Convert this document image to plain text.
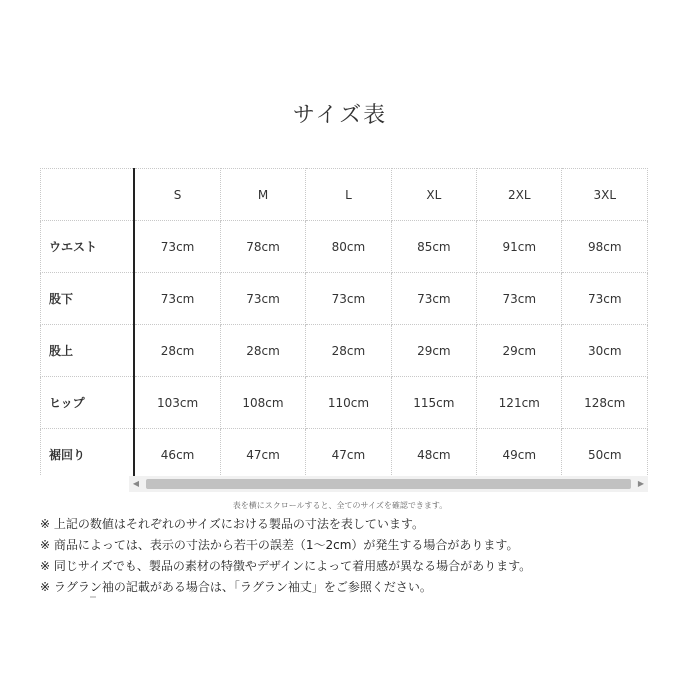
サイズ表
	S	M	L	XL	2XL	3XL
ウエスト	73cm	78cm	80cm	85cm	91cm	98cm
股下	73cm	73cm	73cm	73cm	73cm	73cm
股上	28cm	28cm	28cm	29cm	29cm	30cm
ヒップ	103cm	108cm	110cm	115cm	121cm	128cm
裾回り	46cm	47cm	47cm	48cm	49cm	50cm
◀	▶
表を横にスクロールすると、全てのサイズを確認できます。
※ 上記の数値はそれぞれのサイズにおける製品の寸法を表しています。
※ 商品によっては、表示の寸法から若干の誤差（1～2cm）が発生する場合があります。
※ 同じサイズでも、製品の素材の特徴やデザインによって着用感が異なる場合があります。
※ ラグラン袖の記載がある場合は、「ラグラン袖丈」をご参照ください。
